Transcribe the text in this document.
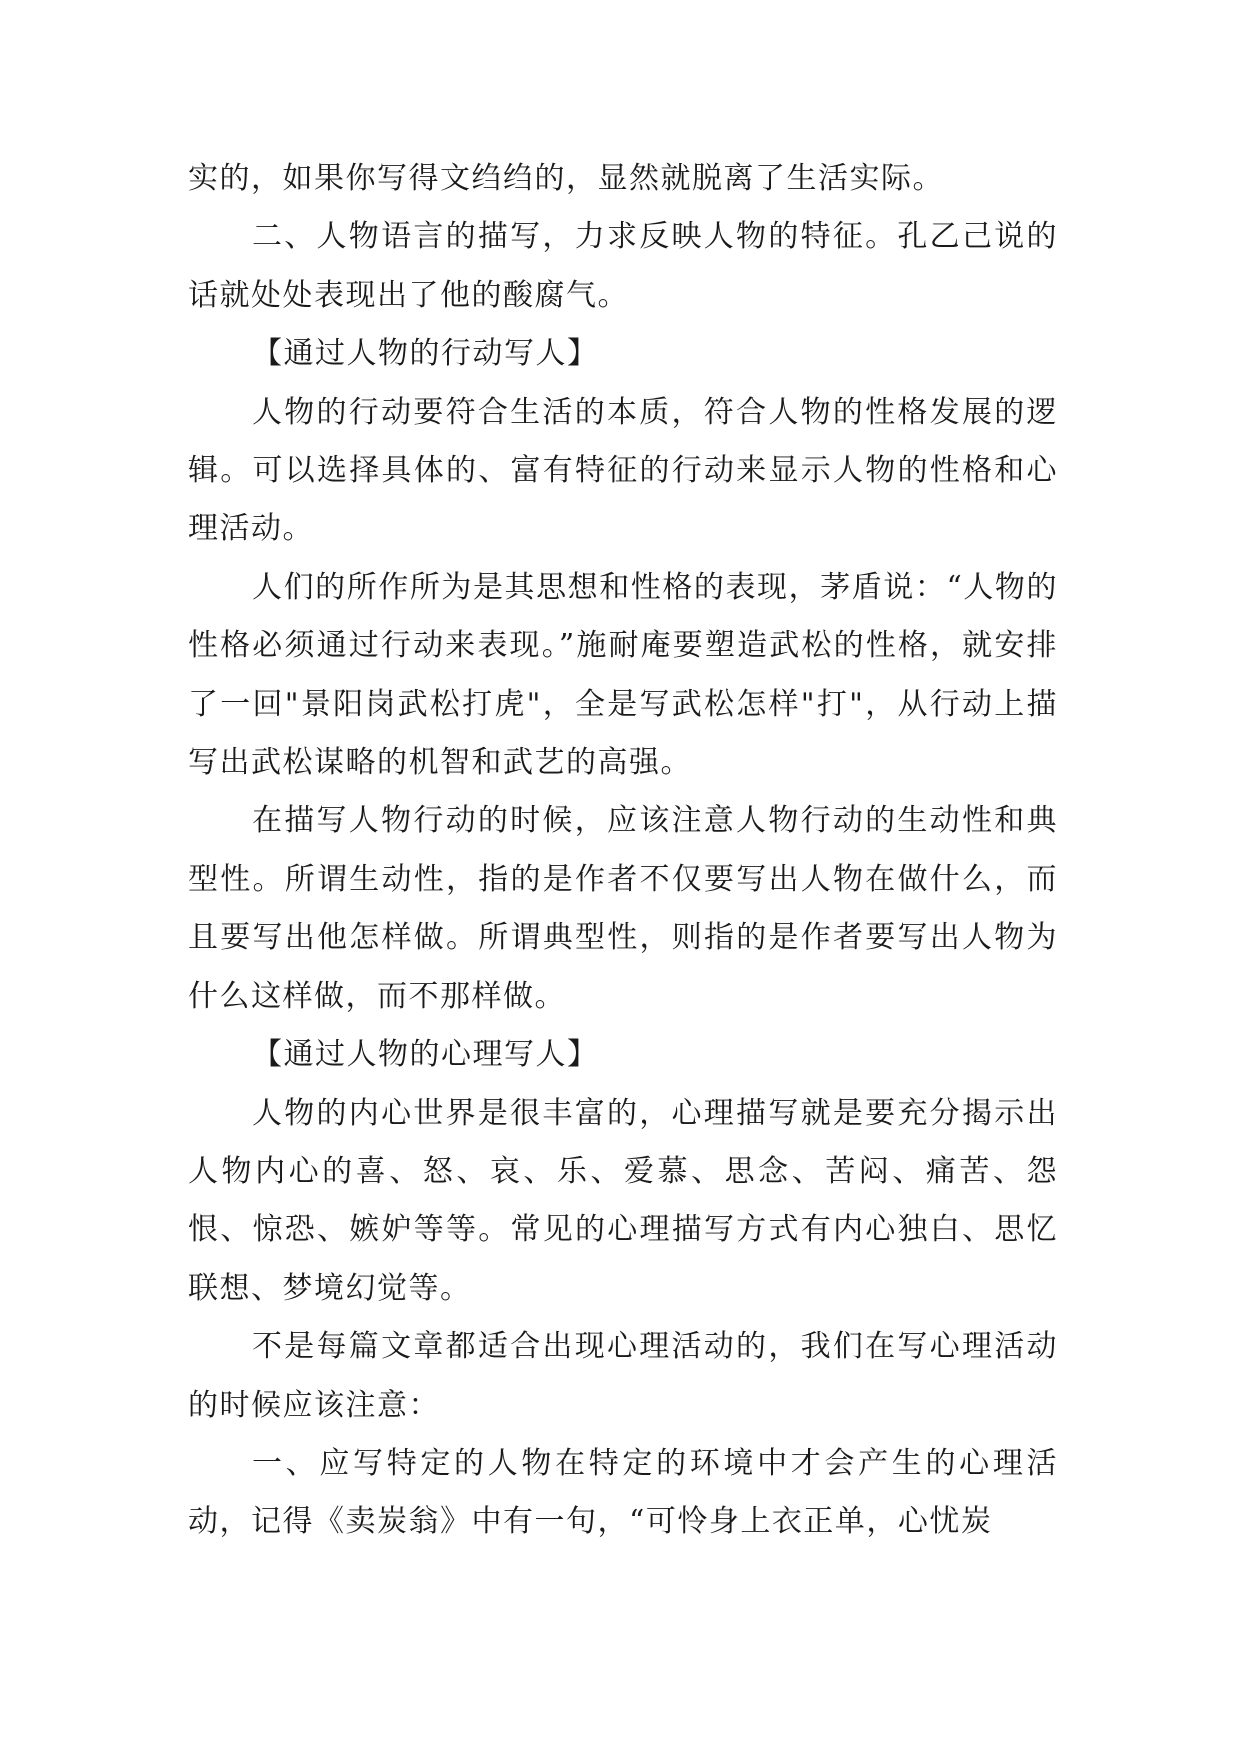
实的，如果你写得文绉绉的，显然就脱离了生活实际。

二、人物语言的描写，力求反映人物的特征。孔乙己说的话就处处表现出了他的酸腐气。

【通过人物的行动写人】

人物的行动要符合生活的本质，符合人物的性格发展的逻辑。可以选择具体的、富有特征的行动来显示人物的性格和心理活动。

人们的所作所为是其思想和性格的表现，茅盾说：“人物的性格必须通过行动来表现。”施耐庵要塑造武松的性格，就安排了一回"景阳岗武松打虎"，全是写武松怎样"打"，从行动上描写出武松谋略的机智和武艺的高强。

在描写人物行动的时候，应该注意人物行动的生动性和典型性。所谓生动性，指的是作者不仅要写出人物在做什么，而且要写出他怎样做。所谓典型性，则指的是作者要写出人物为什么这样做，而不那样做。

【通过人物的心理写人】

人物的内心世界是很丰富的，心理描写就是要充分揭示出人物内心的喜、怒、哀、乐、爱慕、思念、苦闷、痛苦、怨恨、惊恐、嫉妒等等。常见的心理描写方式有内心独白、思忆联想、梦境幻觉等。

不是每篇文章都适合出现心理活动的，我们在写心理活动的时候应该注意：

一、应写特定的人物在特定的环境中才会产生的心理活动，记得《卖炭翁》中有一句，“可怜身上衣正单，心忧炭
